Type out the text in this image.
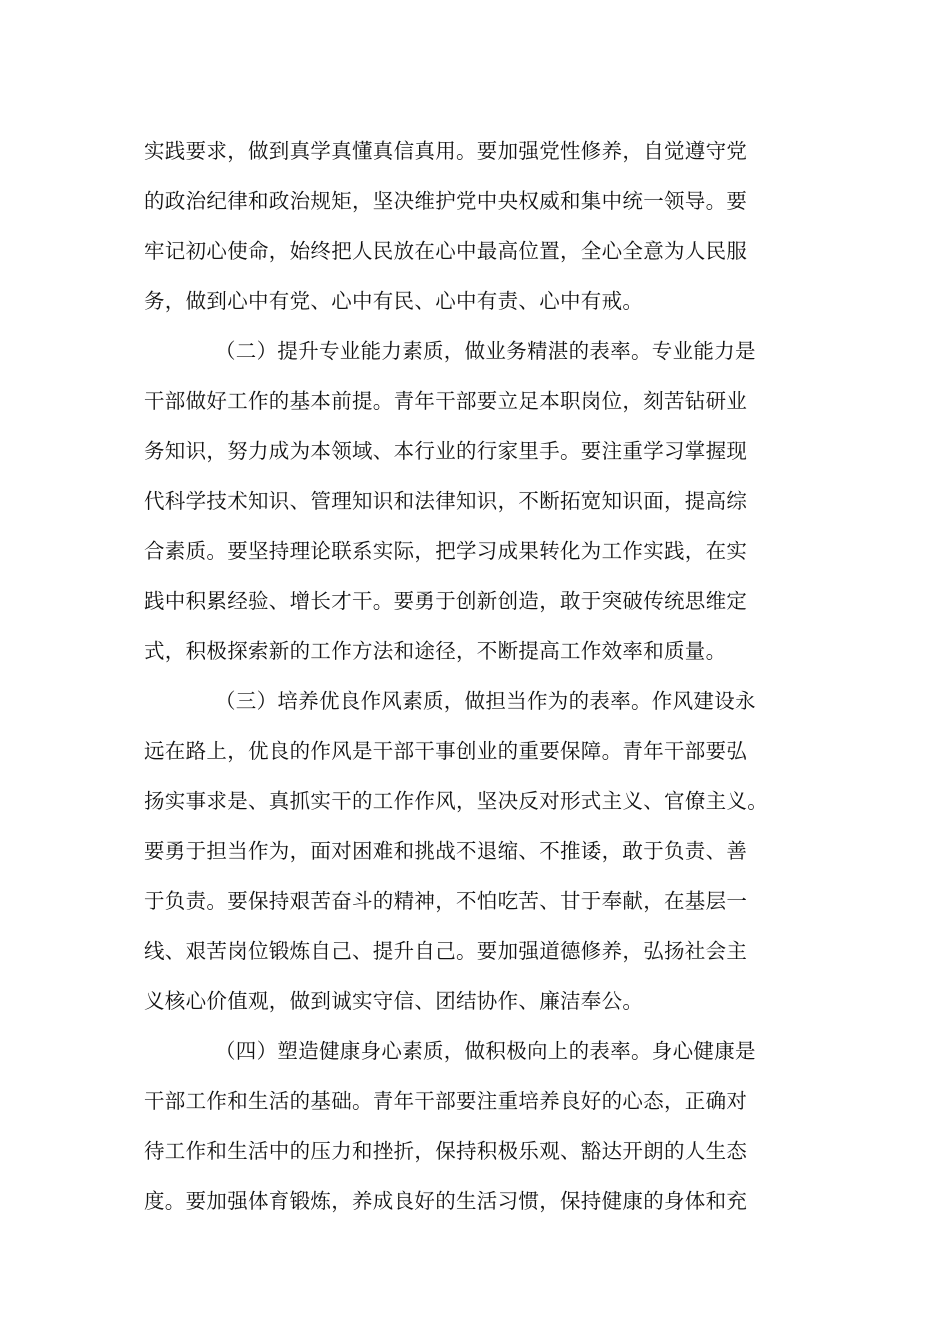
实践要求，做到真学真懂真信真用。要加强党性修养，自觉遵守党
的政治纪律和政治规矩，坚决维护党中央权威和集中统一领导。要
牢记初心使命，始终把人民放在心中最高位置，全心全意为人民服
务，做到心中有党、心中有民、心中有责、心中有戒。
（二）提升专业能力素质，做业务精湛的表率。专业能力是
干部做好工作的基本前提。青年干部要立足本职岗位，刻苦钻研业
务知识，努力成为本领域、本行业的行家里手。要注重学习掌握现
代科学技术知识、管理知识和法律知识，不断拓宽知识面，提高综
合素质。要坚持理论联系实际，把学习成果转化为工作实践，在实
践中积累经验、增长才干。要勇于创新创造，敢于突破传统思维定
式，积极探索新的工作方法和途径，不断提高工作效率和质量。
（三）培养优良作风素质，做担当作为的表率。作风建设永
远在路上，优良的作风是干部干事创业的重要保障。青年干部要弘
扬实事求是、真抓实干的工作作风，坚决反对形式主义、官僚主义。
要勇于担当作为，面对困难和挑战不退缩、不推诿，敢于负责、善
于负责。要保持艰苦奋斗的精神，不怕吃苦、甘于奉献，在基层一
线、艰苦岗位锻炼自己、提升自己。要加强道德修养，弘扬社会主
义核心价值观，做到诚实守信、团结协作、廉洁奉公。
（四）塑造健康身心素质，做积极向上的表率。身心健康是
干部工作和生活的基础。青年干部要注重培养良好的心态，正确对
待工作和生活中的压力和挫折，保持积极乐观、豁达开朗的人生态
度。要加强体育锻炼，养成良好的生活习惯，保持健康的身体和充
